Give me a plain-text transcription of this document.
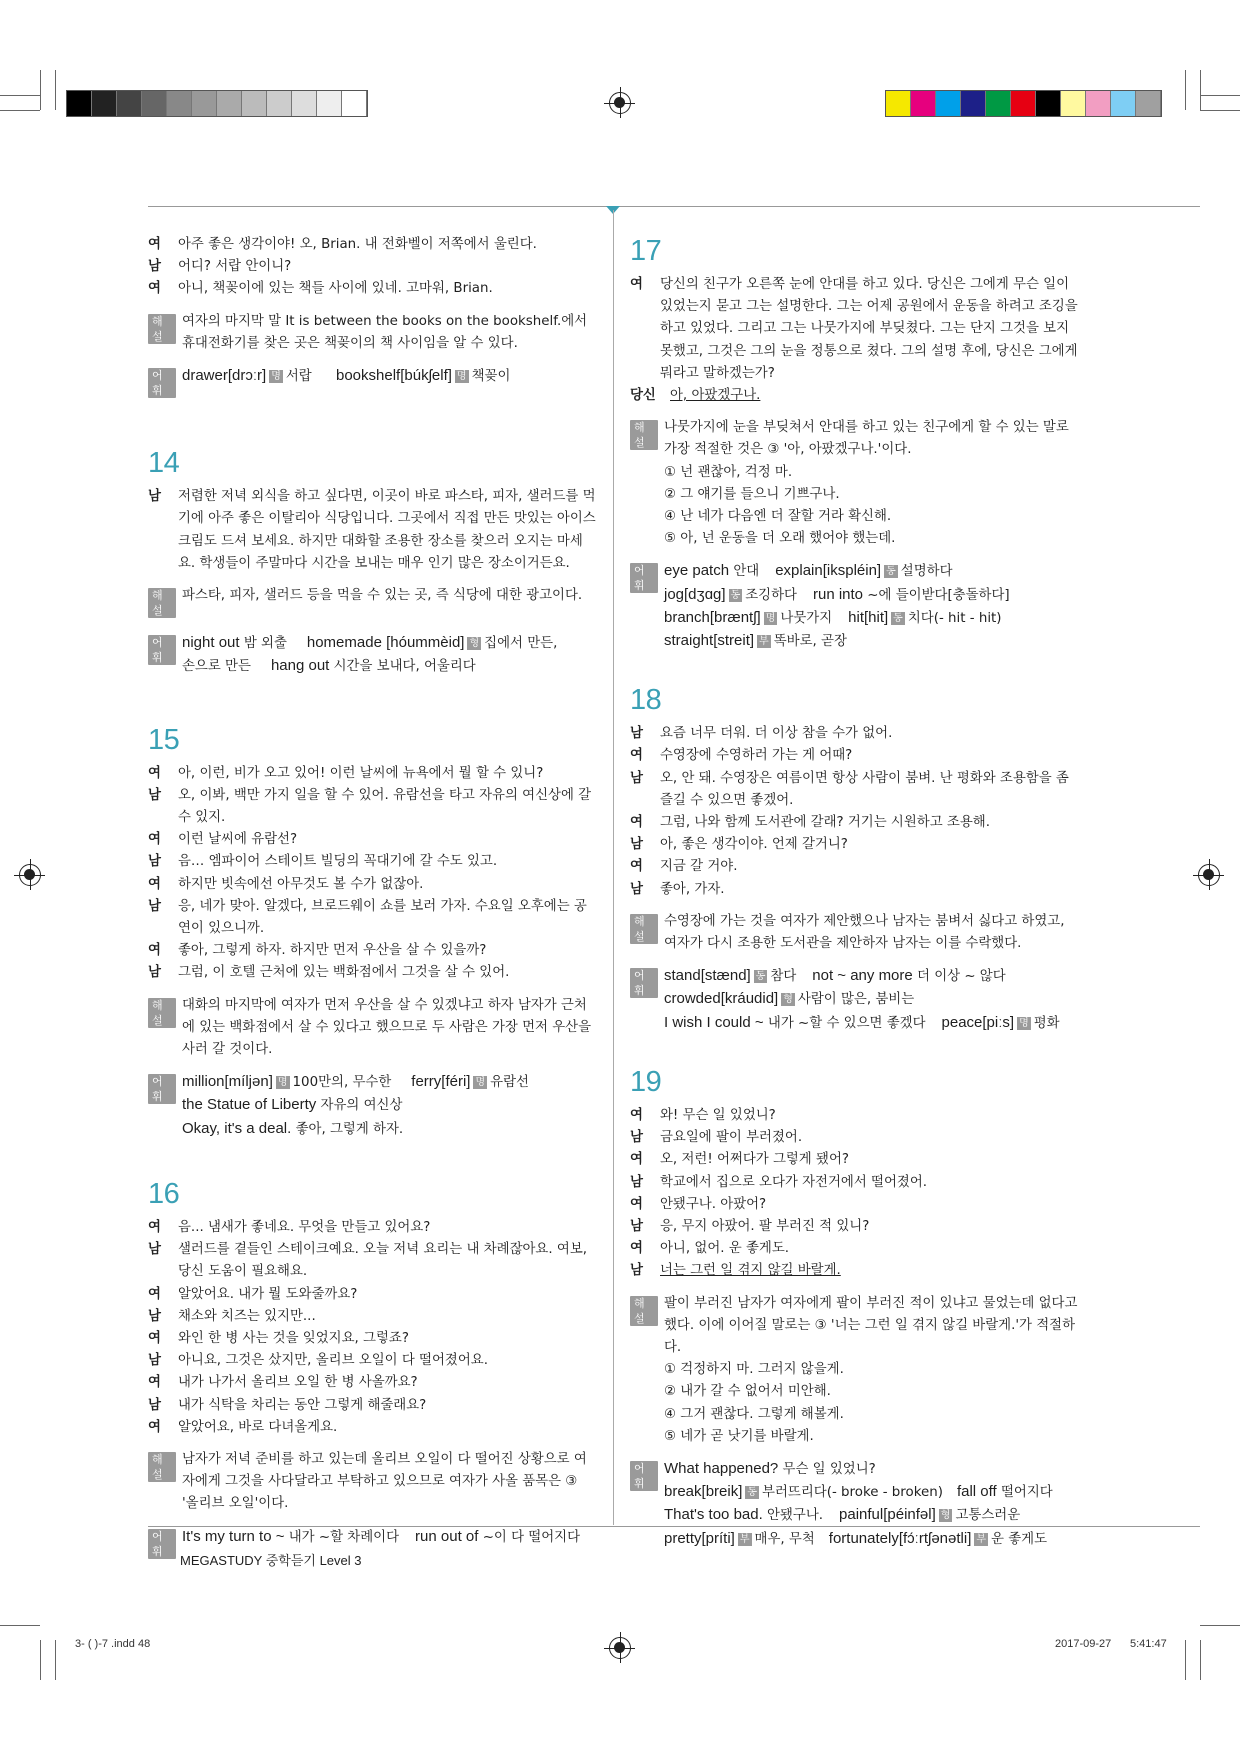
여	아주 좋은 생각이야! 오, Brian. 내 전화벨이 저쪽에서 울린다.
남	어디? 서랍 안이니?
여	아니, 책꽂이에 있는 책들 사이에 있네. 고마워, Brian.
해설
여자의 마지막 말 It is between the books on the bookshelf.에서 휴대전화기를 찾은 곳은 책꽂이의 책 사이임을 알 수 있다.
어휘
drawer[drɔːr] 명 서랍 bookshelf[búkʃelf] 명 책꽂이
14
남	저렴한 저녁 외식을 하고 싶다면, 이곳이 바로 파스타, 피자, 샐러드를 먹기에 아주 좋은 이탈리아 식당입니다. 그곳에서 직접 만든 맛있는 아이스크림도 드셔 보세요. 하지만 대화할 조용한 장소를 찾으러 오지는 마세요. 학생들이 주말마다 시간을 보내는 매우 인기 많은 장소이거든요.
해설
파스타, 피자, 샐러드 등을 먹을 수 있는 곳, 즉 식당에 대한 광고이다.
어휘
night out 밤 외출 homemade [hóummèid] 형 집에서 만든,
손으로 만든 hang out 시간을 보내다, 어울리다
15
여	아, 이런, 비가 오고 있어! 이런 날씨에 뉴욕에서 뭘 할 수 있니?
남	오, 이봐, 백만 가지 일을 할 수 있어. 유람선을 타고 자유의 여신상에 갈 수 있지.
여	이런 날씨에 유람선?
남	음… 엠파이어 스테이트 빌딩의 꼭대기에 갈 수도 있고.
여	하지만 빗속에선 아무것도 볼 수가 없잖아.
남	응, 네가 맞아. 알겠다, 브로드웨이 쇼를 보러 가자. 수요일 오후에는 공연이 있으니까.
여	좋아, 그렇게 하자. 하지만 먼저 우산을 살 수 있을까?
남	그럼, 이 호텔 근처에 있는 백화점에서 그것을 살 수 있어.
해설
대화의 마지막에 여자가 먼저 우산을 살 수 있겠냐고 하자 남자가 근처에 있는 백화점에서 살 수 있다고 했으므로 두 사람은 가장 먼저 우산을 사러 갈 것이다.
어휘
million[míljən] 명 100만의, 무수한 ferry[féri] 명 유람선
the Statue of Liberty 자유의 여신상
Okay, it's a deal. 좋아, 그렇게 하자.
16
여	음... 냄새가 좋네요. 무엇을 만들고 있어요?
남	샐러드를 곁들인 스테이크예요. 오늘 저녁 요리는 내 차례잖아요. 여보, 당신 도움이 필요해요.
여	알았어요. 내가 뭘 도와줄까요?
남	채소와 치즈는 있지만...
여	와인 한 병 사는 것을 잊었지요, 그렇죠?
남	아니요, 그것은 샀지만, 올리브 오일이 다 떨어졌어요.
여	내가 나가서 올리브 오일 한 병 사올까요?
남	내가 식탁을 차리는 동안 그렇게 해줄래요?
여	알았어요, 바로 다녀올게요.
해설
남자가 저녁 준비를 하고 있는데 올리브 오일이 다 떨어진 상황으로 여자에게 그것을 사다달라고 부탁하고 있으므로 여자가 사올 품목은 ③ '올리브 오일'이다.
어휘
It's my turn to ~ 내가 ~할 차례이다 run out of ~이 다 떨어지다
17
여	당신의 친구가 오른쪽 눈에 안대를 하고 있다. 당신은 그에게 무슨 일이 있었는지 묻고 그는 설명한다. 그는 어제 공원에서 운동을 하려고 조깅을 하고 있었다. 그리고 그는 나뭇가지에 부딪쳤다. 그는 단지 그것을 보지 못했고, 그것은 그의 눈을 정통으로 쳤다. 그의 설명 후에, 당신은 그에게 뭐라고 말하겠는가?
당신	아, 아팠겠구나.
해설
나뭇가지에 눈을 부딪쳐서 안대를 하고 있는 친구에게 할 수 있는 말로 가장 적절한 것은 ③ '아, 아팠겠구나.'이다.
① 넌 괜찮아, 걱정 마.
② 그 얘기를 들으니 기쁘구나.
④ 난 네가 다음엔 더 잘할 거라 확신해.
⑤ 아, 넌 운동을 더 오래 했어야 했는데.
어휘
eye patch 안대 explain[ikspléin] 동 설명하다
jog[dʒɑg] 동 조깅하다 run into ~에 들이받다[충돌하다]
branch[bræntʃ] 명 나뭇가지 hit[hit] 동 치다(- hit - hit)
straight[streit] 부 똑바로, 곧장
18
남	요즘 너무 더워. 더 이상 참을 수가 없어.
여	수영장에 수영하러 가는 게 어때?
남	오, 안 돼. 수영장은 여름이면 항상 사람이 붐벼. 난 평화와 조용함을 좀 즐길 수 있으면 좋겠어.
여	그럼, 나와 함께 도서관에 갈래? 거기는 시원하고 조용해.
남	아, 좋은 생각이야. 언제 갈거니?
여	지금 갈 거야.
남	좋아, 가자.
해설
수영장에 가는 것을 여자가 제안했으나 남자는 붐벼서 싫다고 하였고, 여자가 다시 조용한 도서관을 제안하자 남자는 이를 수락했다.
어휘
stand[stænd] 동 참다 not ~ any more 더 이상 ~ 않다
crowded[kráudid] 형 사람이 많은, 붐비는
I wish I could ~ 내가 ~할 수 있으면 좋겠다 peace[piːs] 명 평화
19
여	와! 무슨 일 있었니?
남	금요일에 팔이 부러졌어.
여	오, 저런! 어쩌다가 그렇게 됐어?
남	학교에서 집으로 오다가 자전거에서 떨어졌어.
여	안됐구나. 아팠어?
남	응, 무지 아팠어. 팔 부러진 적 있니?
여	아니, 없어. 운 좋게도.
남	너는 그런 일 겪지 않길 바랄게.
해설
팔이 부러진 남자가 여자에게 팔이 부러진 적이 있냐고 물었는데 없다고 했다. 이에 이어질 말로는 ③ '너는 그런 일 겪지 않길 바랄게.'가 적절하다.
① 걱정하지 마. 그러지 않을게.
② 내가 갈 수 없어서 미안해.
④ 그거 괜찮다. 그렇게 해볼게.
⑤ 네가 곧 낫기를 바랄게.
어휘
What happened? 무슨 일 있었니?
break[breik] 동 부러뜨리다(- broke - broken) fall off 떨어지다
That's too bad. 안됐구나. painful[péinfəl] 형 고통스러운
pretty[príti] 부 매우, 무척 fortunately[fɔ́ːrtʃənətli] 부 운 좋게도
MEGASTUDY 중학듣기 Level 3
3- ( )-7 .indd 48	2017-09-27 5:41:47
